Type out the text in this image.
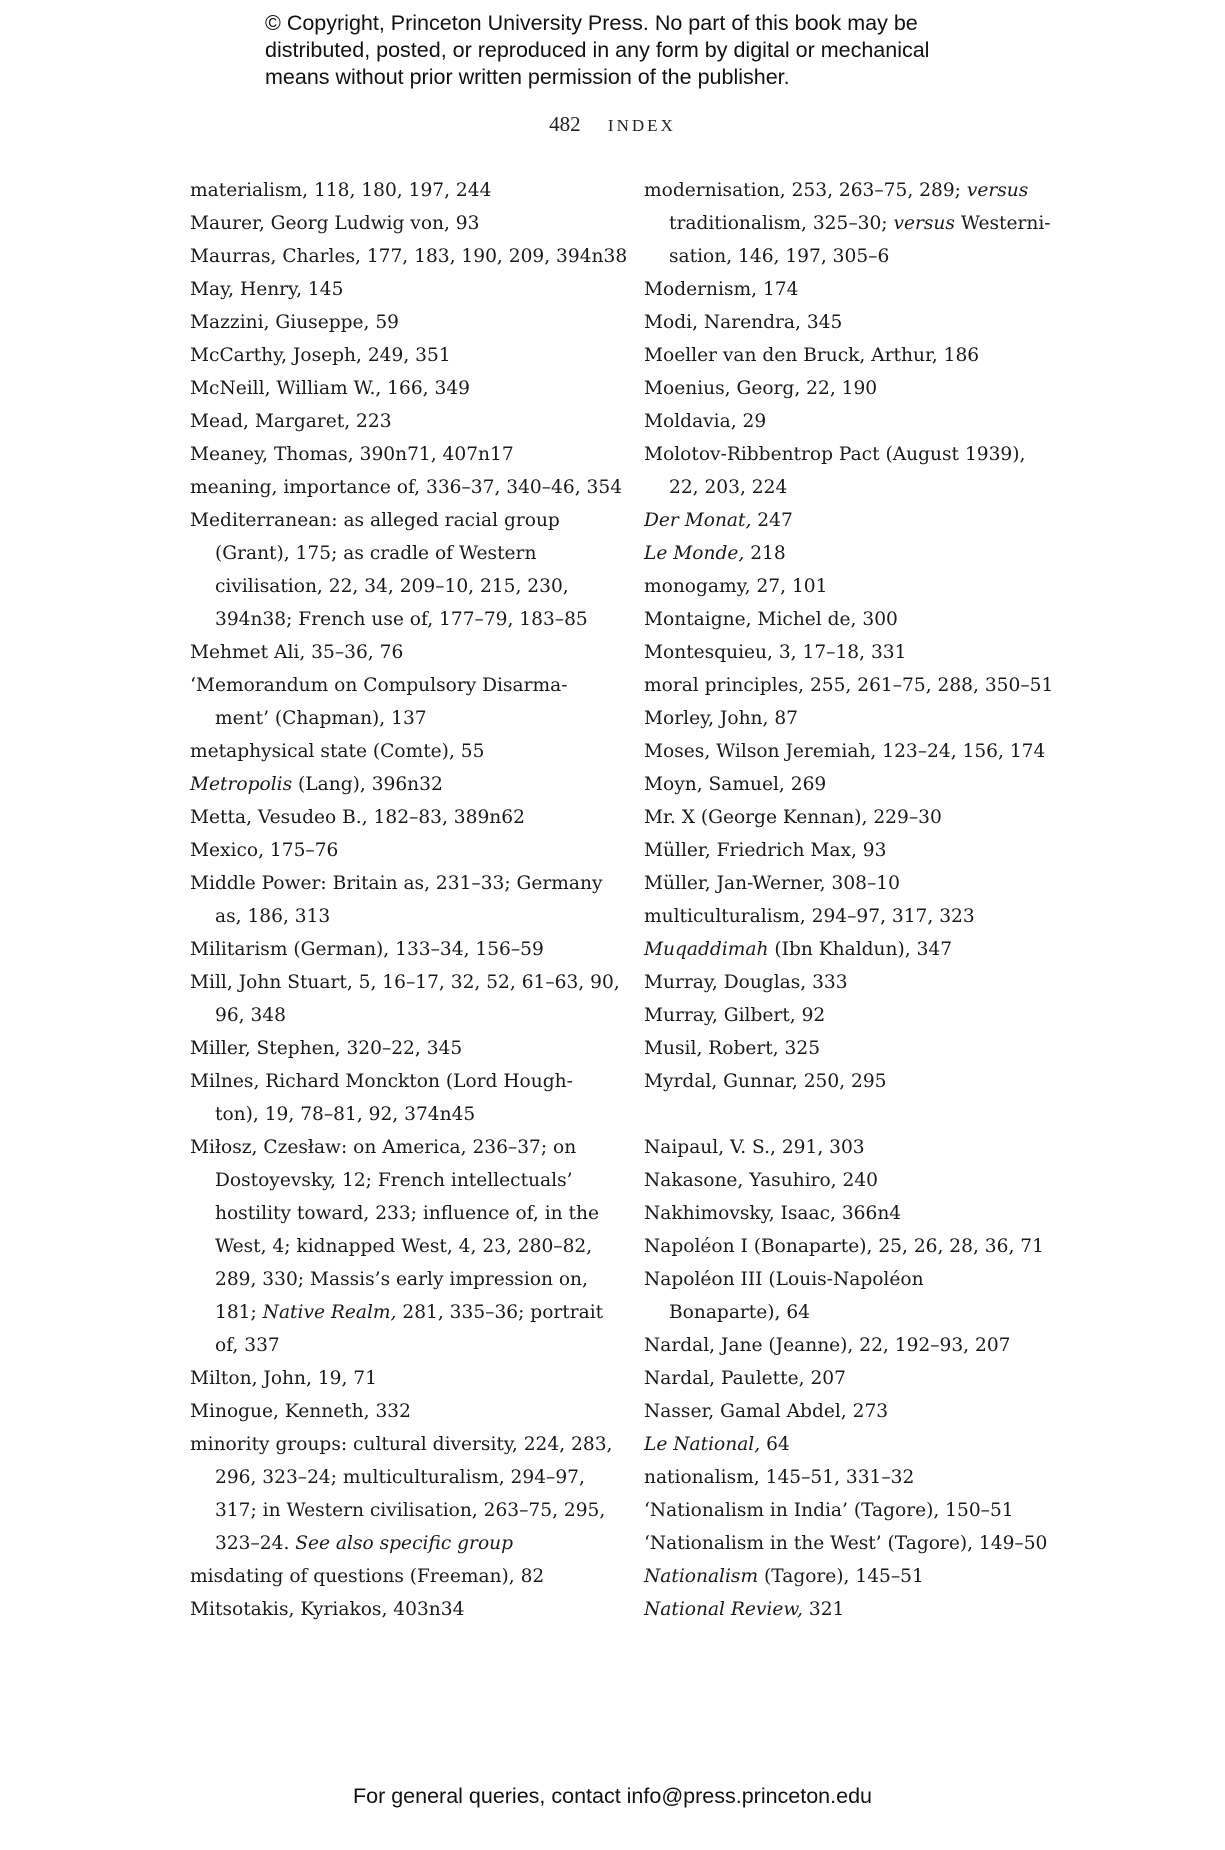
© Copyright, Princeton University Press. No part of this book may be
distributed, posted, or reproduced in any form by digital or mechanical
means without prior written permission of the publisher.
482 INDEX
materialism, 118, 180, 197, 244
Maurer, Georg Ludwig von, 93
Maurras, Charles, 177, 183, 190, 209, 394n38
May, Henry, 145
Mazzini, Giuseppe, 59
McCarthy, Joseph, 249, 351
McNeill, William W., 166, 349
Mead, Margaret, 223
Meaney, Thomas, 390n71, 407n17
meaning, importance of, 336–37, 340–46, 354
Mediterranean: as alleged racial group
(Grant), 175; as cradle of Western
civilisation, 22, 34, 209–10, 215, 230,
394n38; French use of, 177–79, 183–85
Mehmet Ali, 35–36, 76
‘Memorandum on Compulsory Disarma-
ment’ (Chapman), 137
metaphysical state (Comte), 55
Metropolis (Lang), 396n32
Metta, Vesudeo B., 182–83, 389n62
Mexico, 175–76
Middle Power: Britain as, 231–33; Germany
as, 186, 313
Militarism (German), 133–34, 156–59
Mill, John Stuart, 5, 16–17, 32, 52, 61–63, 90,
96, 348
Miller, Stephen, 320–22, 345
Milnes, Richard Monckton (Lord Hough-
ton), 19, 78–81, 92, 374n45
Miłosz, Czesław: on America, 236–37; on
Dostoyevsky, 12; French intellectuals’
hostility toward, 233; influence of, in the
West, 4; kidnapped West, 4, 23, 280–82,
289, 330; Massis’s early impression on,
181; Native Realm, 281, 335–36; portrait
of, 337
Milton, John, 19, 71
Minogue, Kenneth, 332
minority groups: cultural diversity, 224, 283,
296, 323–24; multiculturalism, 294–97,
317; in Western civilisation, 263–75, 295,
323–24. See also specific group
misdating of questions (Freeman), 82
Mitsotakis, Kyriakos, 403n34
modernisation, 253, 263–75, 289; versus
traditionalism, 325–30; versus Westerni-
sation, 146, 197, 305–6
Modernism, 174
Modi, Narendra, 345
Moeller van den Bruck, Arthur, 186
Moenius, Georg, 22, 190
Moldavia, 29
Molotov-Ribbentrop Pact (August 1939),
22, 203, 224
Der Monat, 247
Le Monde, 218
monogamy, 27, 101
Montaigne, Michel de, 300
Montesquieu, 3, 17–18, 331
moral principles, 255, 261–75, 288, 350–51
Morley, John, 87
Moses, Wilson Jeremiah, 123–24, 156, 174
Moyn, Samuel, 269
Mr. X (George Kennan), 229–30
Müller, Friedrich Max, 93
Müller, Jan-Werner, 308–10
multiculturalism, 294–97, 317, 323
Muqaddimah (Ibn Khaldun), 347
Murray, Douglas, 333
Murray, Gilbert, 92
Musil, Robert, 325
Myrdal, Gunnar, 250, 295
Naipaul, V. S., 291, 303
Nakasone, Yasuhiro, 240
Nakhimovsky, Isaac, 366n4
Napoléon I (Bonaparte), 25, 26, 28, 36, 71
Napoléon III (Louis-Napoléon
Bonaparte), 64
Nardal, Jane (Jeanne), 22, 192–93, 207
Nardal, Paulette, 207
Nasser, Gamal Abdel, 273
Le National, 64
nationalism, 145–51, 331–32
‘Nationalism in India’ (Tagore), 150–51
‘Nationalism in the West’ (Tagore), 149–50
Nationalism (Tagore), 145–51
National Review, 321
For general queries, contact info@press.princeton.edu
